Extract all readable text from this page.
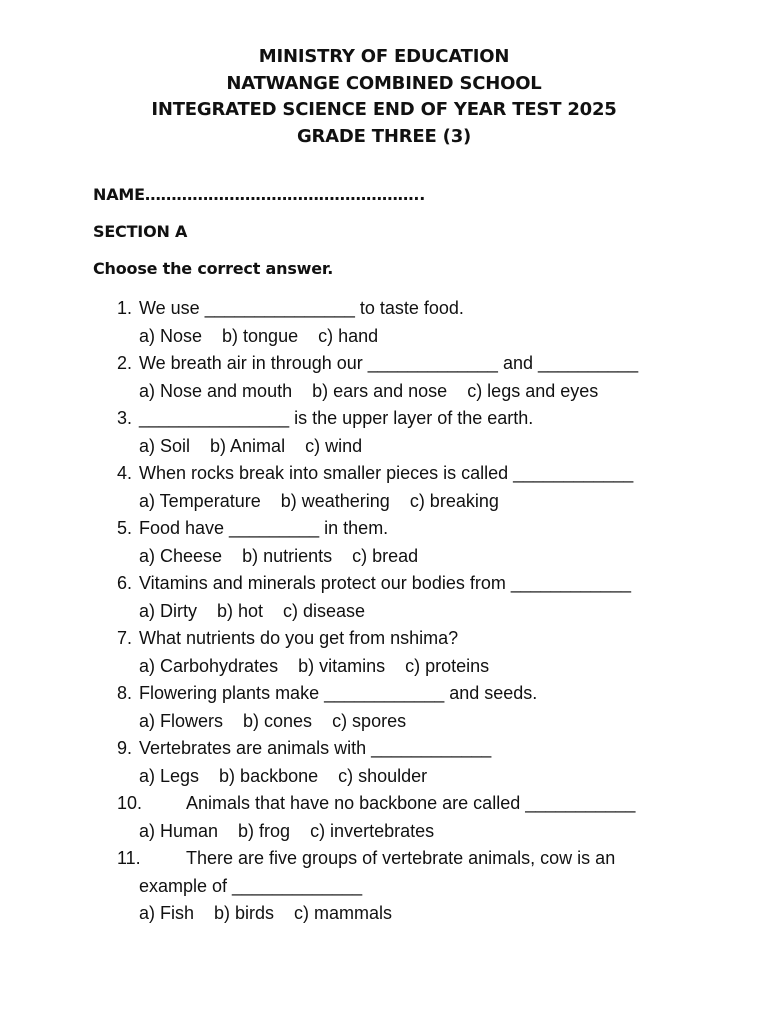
MINISTRY OF EDUCATION
NATWANGE COMBINED SCHOOL
INTEGRATED SCIENCE END OF YEAR TEST 2025
GRADE THREE (3)
NAME……………………………………………..
SECTION A
Choose the correct answer.
1. We use _______________ to taste food.
a) Nose b) tongue c) hand
2. We breath air in through our _____________ and __________
a) Nose and mouth b) ears and nose c) legs and eyes
3. _______________ is the upper layer of the earth.
a) Soil b) Animal c) wind
4. When rocks break into smaller pieces is called ____________
a) Temperature b) weathering c) breaking
5. Food have _________ in them.
a) Cheese b) nutrients c) bread
6. Vitamins and minerals protect our bodies from ____________
a) Dirty b) hot c) disease
7. What nutrients do you get from nshima?
a) Carbohydrates b) vitamins c) proteins
8. Flowering plants make ____________ and seeds.
a) Flowers b) cones c) spores
9. Vertebrates are animals with ____________
a) Legs b) backbone c) shoulder
10. Animals that have no backbone are called ___________
a) Human b) frog c) invertebrates
11.	There are five groups of vertebrate animals, cow is an
example of _____________
a) Fish b) birds c) mammals
